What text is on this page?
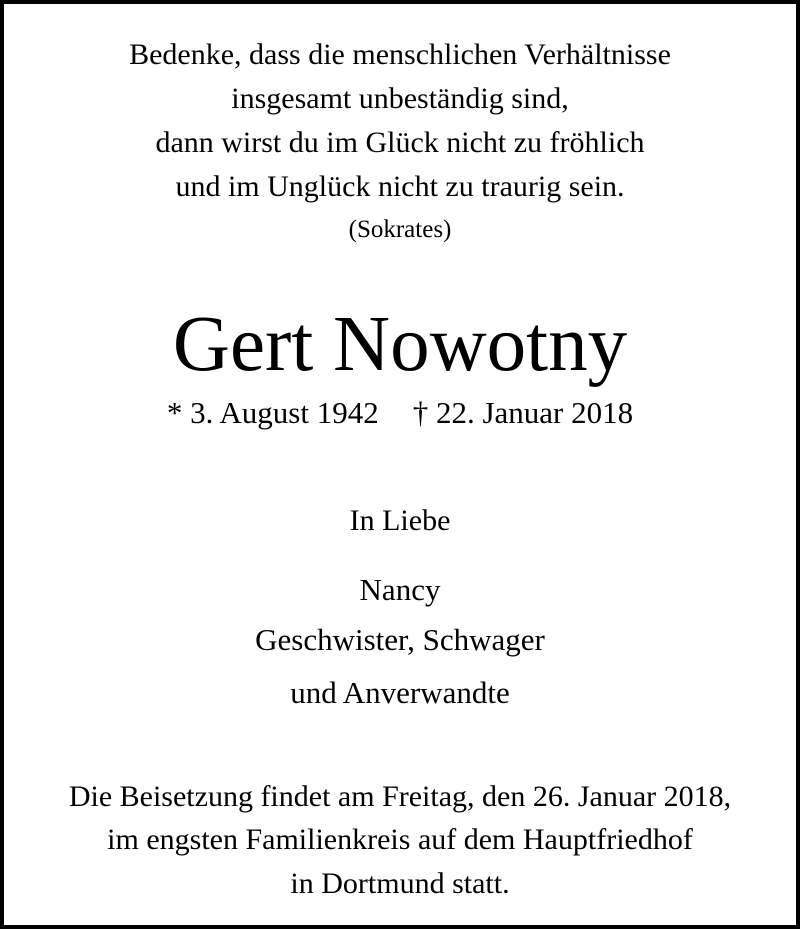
Bedenke, dass die menschlichen Verhältnisse
insgesamt unbeständig sind,
dann wirst du im Glück nicht zu fröhlich
und im Unglück nicht zu traurig sein.
(Sokrates)
Gert Nowotny
* 3. August 1942 † 22. Januar 2018
In Liebe
Nancy
Geschwister, Schwager
und Anverwandte
Die Beisetzung findet am Freitag, den 26. Januar 2018,
im engsten Familienkreis auf dem Hauptfriedhof
in Dortmund statt.
